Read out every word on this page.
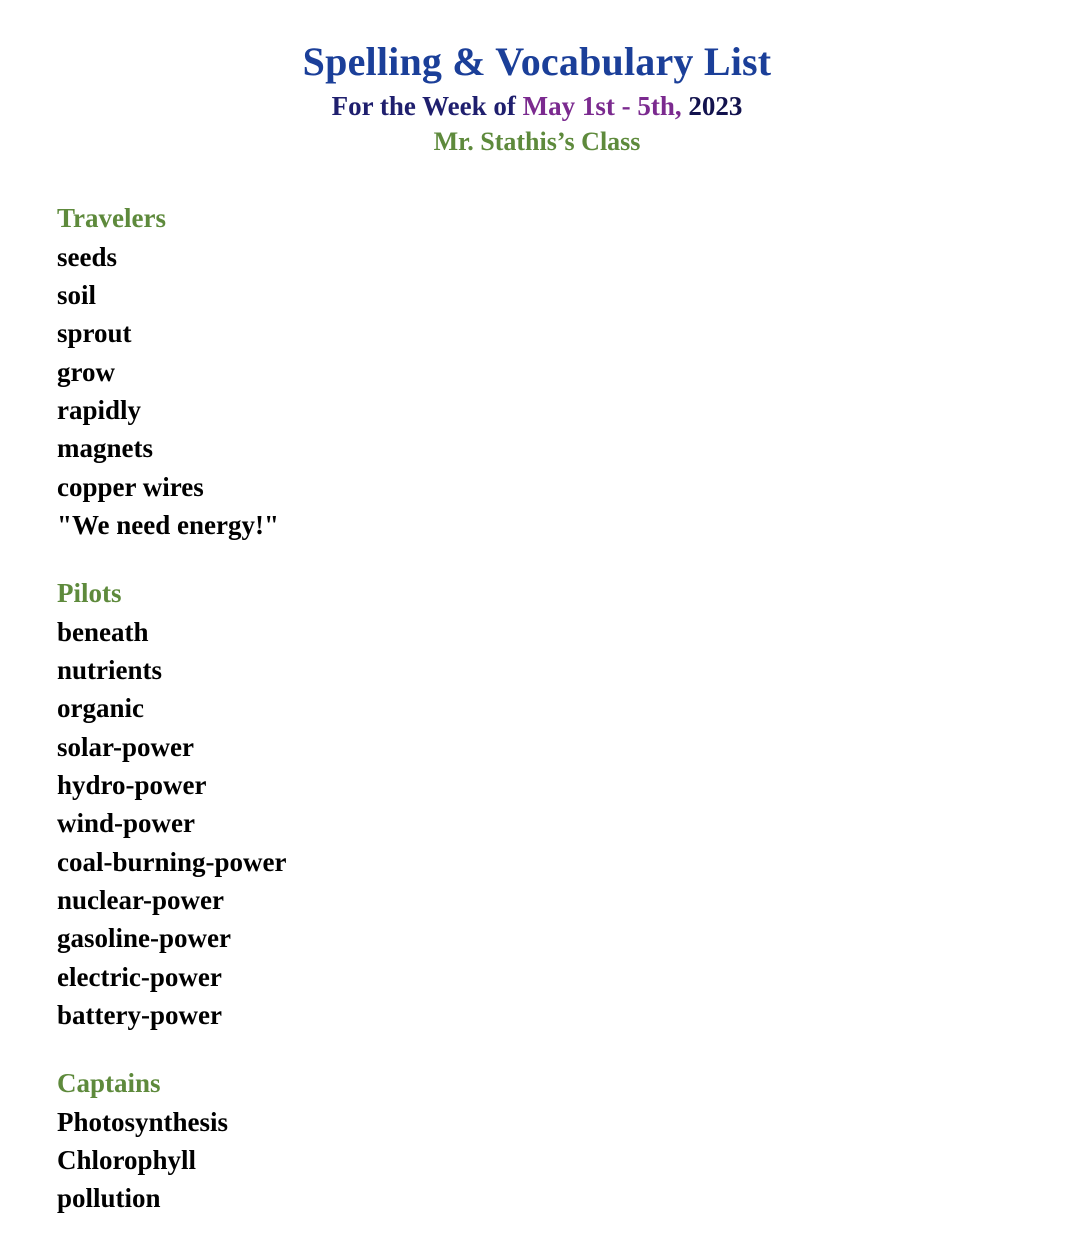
Spelling & Vocabulary List
For the Week of May 1st - 5th, 2023
Mr. Stathis’s Class
Travelers
seeds
soil
sprout
grow
rapidly
magnets
copper wires
"We need energy!"
Pilots
beneath
nutrients
organic
solar-power
hydro-power
wind-power
coal-burning-power
nuclear-power
gasoline-power
electric-power
battery-power
Captains
Photosynthesis
Chlorophyll
pollution
